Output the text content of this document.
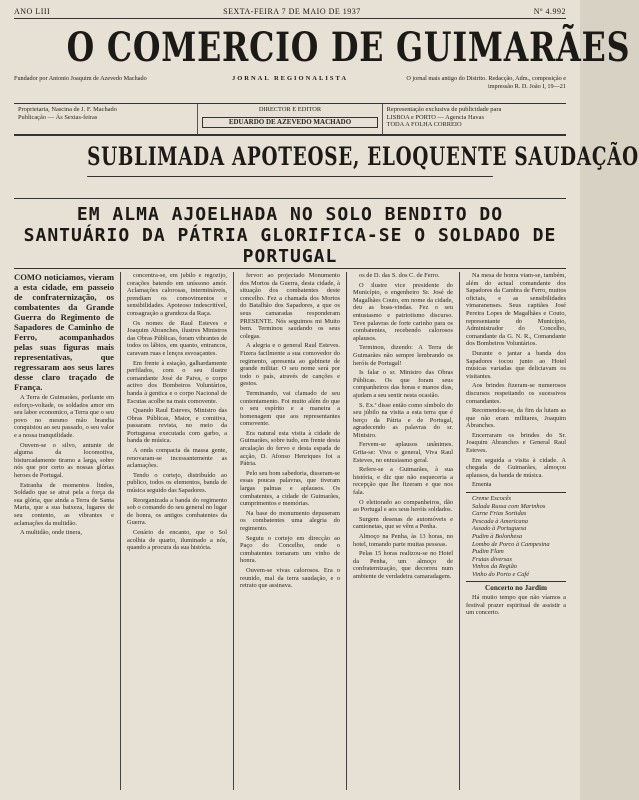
ANO LIII	SEXTA-FEIRA 7 DE MAIO DE 1937	Nº 4.992
O COMERCIO DE GUIMARÃES
Fundador por Antonio Joaquim de Azevedo Machado	JORNAL REGIONALISTA	O jornal mais antigo do Distrito. Redacção, Adm., composição e impressão R. D. João I, 19—21
Proprietaria, Nascina de J. F. Machado
Publicação — Ás Sextas-feiras
DIRECTOR E EDITOR
EDUARDO DE AZEVEDO MACHADO
Representação exclusiva de publicidade para
LISBOA e PORTO — Agencia Havas
TODA A FOLHA CORREIO
SUBLIMADA APOTEOSE, ELOQUENTE SAUDAÇÃO
EM ALMA AJOELHADA NO SOLO BENDITO DO SANTUÁRIO DA PÁTRIA GLORIFICA-SE O SOLDADO DE PORTUGAL

COMO noticiamos, vieram a esta cidade, em passeio de confraternização, os combatentes da Grande Guerra do Regimento de Sapadores de Caminho de Ferro, acompanhados pelas suas figuras mais representativas, que regressaram aos seus lares desse claro traçado de França.

A Terra de Guimarães, porliante em esforço-voltade, os soldados amor em seu labor economico, a Terra que o seu povo no mesmo mão brandia conquistou ao seu passado, o seu valor e a nossa tranquilidade.

Ouvem-se o silvo, antunte de alguma da locomotiva, bisturcadamente tiramo a larga, sobre nós que por certo as nossas glórias heroes de Portugal.

Estranha de momentos lindos, Soldado que se atrai pela a força da sua glória, que ainda a Terra de Santa Maria, que a sua baixeza, lugares de seu contento, as vibrantes e aclamações da multidão.

A multidão, onde tinera,

concentra-se, em jubilo e regozijo, corações batendo em uníssono amór. Aclamações calorosas, intermináveis, prendiam os comovimentos e sensibilidades. Apoteoso indescritível, consagração a grandeza da Raça.

Os nomes de Raul Esteves e Joaquim Abranches, ilustres Ministros das Obras Públicas, foram vibrantes de todos os lábios, em quanto, entrancos, caravam ruas e lenços esvoaçantes.

Em frente à estação, galhardamente perfilados, com o seu ilustre comandante José de Paiva, o corpo activo dos Bombeiros Voluntários, banda à gentica e o corpo Nacional de Escutas acolhe na mais comovente.

Quando Raul Esteves, Ministro das Obras Públicas, Maior, e comitiva, passaram revista, no meio da Portuguesa executada com garbo, a banda de música.

A onda compacta da massa gente, renovaram-se incessantemente as aclamações.

Tendo o cortejo, distribuído ao publico, todos os elementos, banda de música seguido das Sapadores.

Reorganizada a banda do regimento sob o comando do seu general no lugar de honra, os antigos combatentes da Guerra.

Cenário de encanto, que o Sol acolhia de quarto, iluminado a nós, quando a procura da sua história.

fervor: ao projectado Monumento dos Mortos da Guerra, desta cidade, à situação dos combatentes deste concelho. Fez a chamada dos Mortos do Batalhão dos Sapadores, a que os seus camaradas responderam PRESENTE. Nós seguimos mi Muito bem. Terminou saudando os seus colegas.

A alegria e o general Raul Esteves. Fizera facilmente a sua comovedor do regimento, apresenta ao gabinete de grande militar. O seu nome será por todo o país, através de canções e gestos.

Terminando, vai clamado de seu contentamento. Foi muito além do que o seu espírito e a maneira a homenagem que aos representantes comovente.

Era natural esta visita à cidade de Guimarães, sobre tudo, em frente desta arcalação do fervo e desta espada de acção, D. Afonso Henriques foi a Pátria.

Pelo seu bom sabedoria, disseram-se essas poucas palavras, que tiveram largas palmas e aplausos. Os combatentes, a cidade de Guimarães, cumprimentos e memórias.

Na base do monumento depuseram os combatentes uma alegria do regimento.

Seguiu o cortejo em direcção ao Paço do Concelho, onde o combatentes tomaram um vinho de honra.

Ouvem-se vivas calorosos. Era o reunido, mal da terra saudação, e o retrato que assinava.

os de D. das S. dos C. de Ferro.

O ilustre vice presidente do Município, o engenheiro Sr. José de Magalhães Couto, em nome da cidade, deu as boas-vindas. Fez o seu entusiasmo e patriotismo discurso. Teve palavras de forte carinho para os combatentes, recebendo calorosos aplausos.

Terminou, dizendo: A Terra de Guimarães não sempre lembrando os heróis de Portugal!

Is falar o sr. Ministro das Obras Públicas. Os que foram seus companheiros das horas e manos dias, ajudam a seu sentir nesta ocasião.

S. Ex.ª disse então como símbolo do seu júbilo na visita a esta terra que é berço da Pátria e de Portugal, agradecendo as palavras do sr. Ministro.

Fervem-se aplausos unânimes. Grita-se: Viva o general, Viva Raul Esteves, no entusiasmo geral.

Refere-se a Guimarães, à sua história, e diz que não esqueceria a recepção que lhe fizeram e que nos fala.

O eleitorado ao companheiros, dão ao Portugal e aos seus heróis soldados.

Surgem desenas de automóveis e camionetas, que se vêm a Penha.

Almoço na Penha, às 13 horas, no hotel, tomando parte muitas pessoas.

Pelas 15 horas realizou-se no Hotel da Penha, um almoço de confraternização, que decorreu num ambiente de verdadeira camaradagem.

Na mesa de honra viam-se, também, além do actual comandante dos Sapadores da Cambra de Ferro, muitos oficiais, e as sensibilidades vimaranenses. Seus capitães José Pereira Lopes de Magalhães e Couto, representante do Município, Administrador do Concelho, comandante da G. N. R., Comandante dos Bombeiros Voluntários.

Durante o jantar a banda dos Sapadores tocou junto ao Hotel músicas variadas que deliciavam os visitantes.

Aos brindes fizeram-se numerosos discursos respeitando os sucessivos comandantes.

Recomendou-se, da fim da lutam as que não eram militares, Joaquim Abranches.

Encerraram os brindes do Sr. Joaquim Abranches e General Raul Esteves.

Em seguida a visita à cidade. A chegada de Guimarães, almoçou aplausos, da banda de música.

Ementa

Creme Escocês
Salada Russa com Marinhos
Carne Frias Sortidas
Pescada à Americana
Assado à Portuguesa
Pudim à Bolonhesa
Lombo de Porco à Campesina
Pudim Flam
Frutas diversas
Vinhos da Região
Vinho do Porto e Café

Concerto no Jardim

Há muito tempo que não víamos a festival prazer espiritual de assistir a um concerto.
